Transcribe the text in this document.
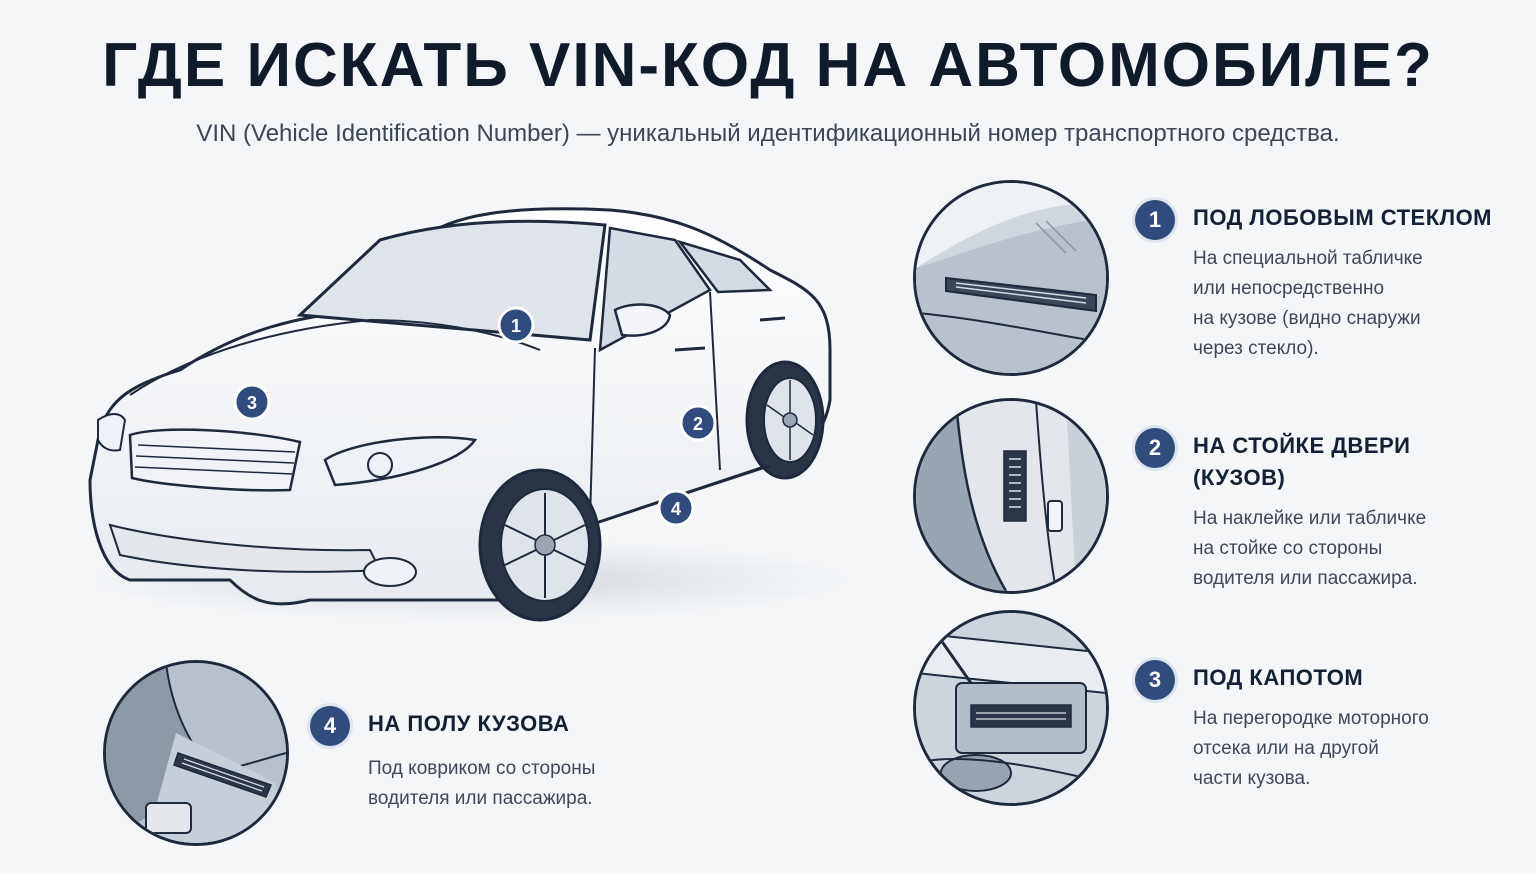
ГДЕ ИСКАТЬ VIN-КОД НА АВТОМОБИЛЕ?

VIN (Vehicle Identification Number) — уникальный идентификационный номер транспортного средства.

1
2
3
4
1	ПОД ЛОБОВЫМ СТЕКЛОМ
На специальной табличке
или непосредственно
на кузове (видно снаружи
через стекло).
2	НА СТОЙКЕ ДВЕРИ
(КУЗОВ)
На наклейке или табличке
на стойке со стороны
водителя или пассажира.
3	ПОД КАПОТОМ
На перегородке моторного
отсека или на другой
части кузова.
4	НА ПОЛУ КУЗОВА
Под ковриком со стороны
водителя или пассажира.
